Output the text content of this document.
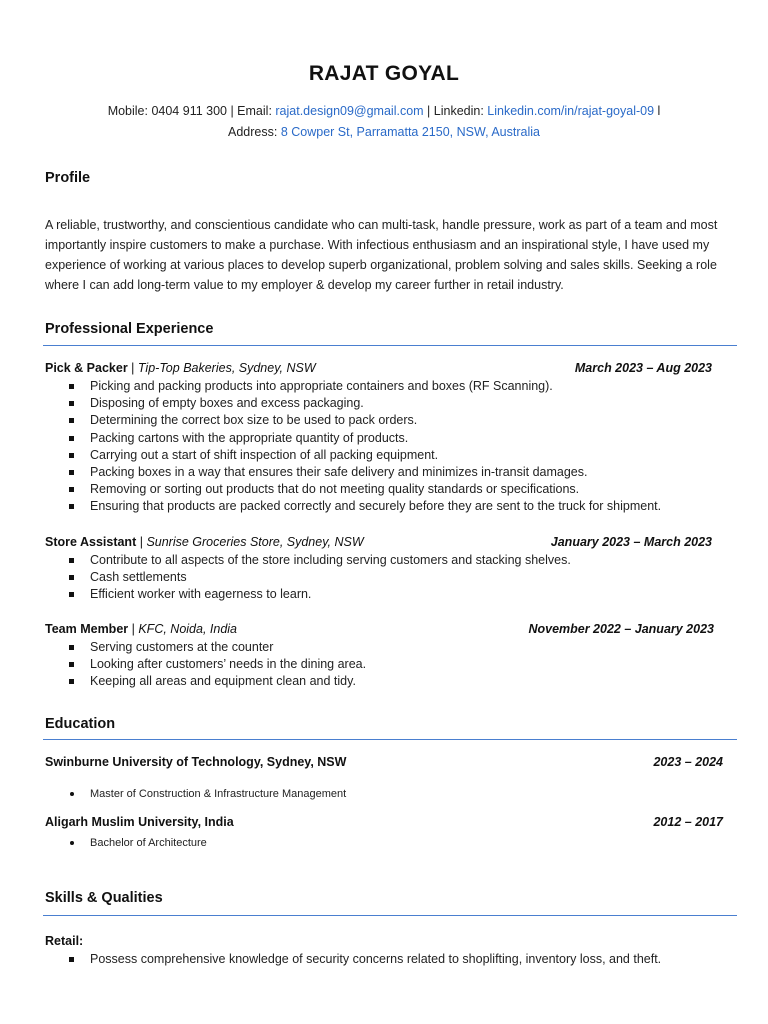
RAJAT GOYAL
Mobile: 0404 911 300 | Email: rajat.design09@gmail.com | Linkedin: Linkedin.com/in/rajat-goyal-09 l
Address: 8 Cowper St, Parramatta 2150, NSW, Australia
Profile
A reliable, trustworthy, and conscientious candidate who can multi-task, handle pressure, work as part of a team and most importantly inspire customers to make a purchase. With infectious enthusiasm and an inspirational style, I have used my experience of working at various places to develop superb organizational, problem solving and sales skills. Seeking a role where I can add long-term value to my employer & develop my career further in retail industry.
Professional Experience
Pick & Packer | Tip-Top Bakeries, Sydney, NSW	March 2023 – Aug 2023
Picking and packing products into appropriate containers and boxes (RF Scanning).
Disposing of empty boxes and excess packaging.
Determining the correct box size to be used to pack orders.
Packing cartons with the appropriate quantity of products.
Carrying out a start of shift inspection of all packing equipment.
Packing boxes in a way that ensures their safe delivery and minimizes in-transit damages.
Removing or sorting out products that do not meeting quality standards or specifications.
Ensuring that products are packed correctly and securely before they are sent to the truck for shipment.
Store Assistant | Sunrise Groceries Store, Sydney, NSW	January 2023 – March 2023
Contribute to all aspects of the store including serving customers and stacking shelves.
Cash settlements
Efficient worker with eagerness to learn.
Team Member | KFC, Noida, India	November 2022 – January 2023
Serving customers at the counter
Looking after customers’ needs in the dining area.
Keeping all areas and equipment clean and tidy.
Education
Swinburne University of Technology, Sydney, NSW	2023 – 2024
Master of Construction & Infrastructure Management
Aligarh Muslim University, India	2012 – 2017
Bachelor of Architecture
Skills & Qualities
Retail:
Possess comprehensive knowledge of security concerns related to shoplifting, inventory loss, and theft.
